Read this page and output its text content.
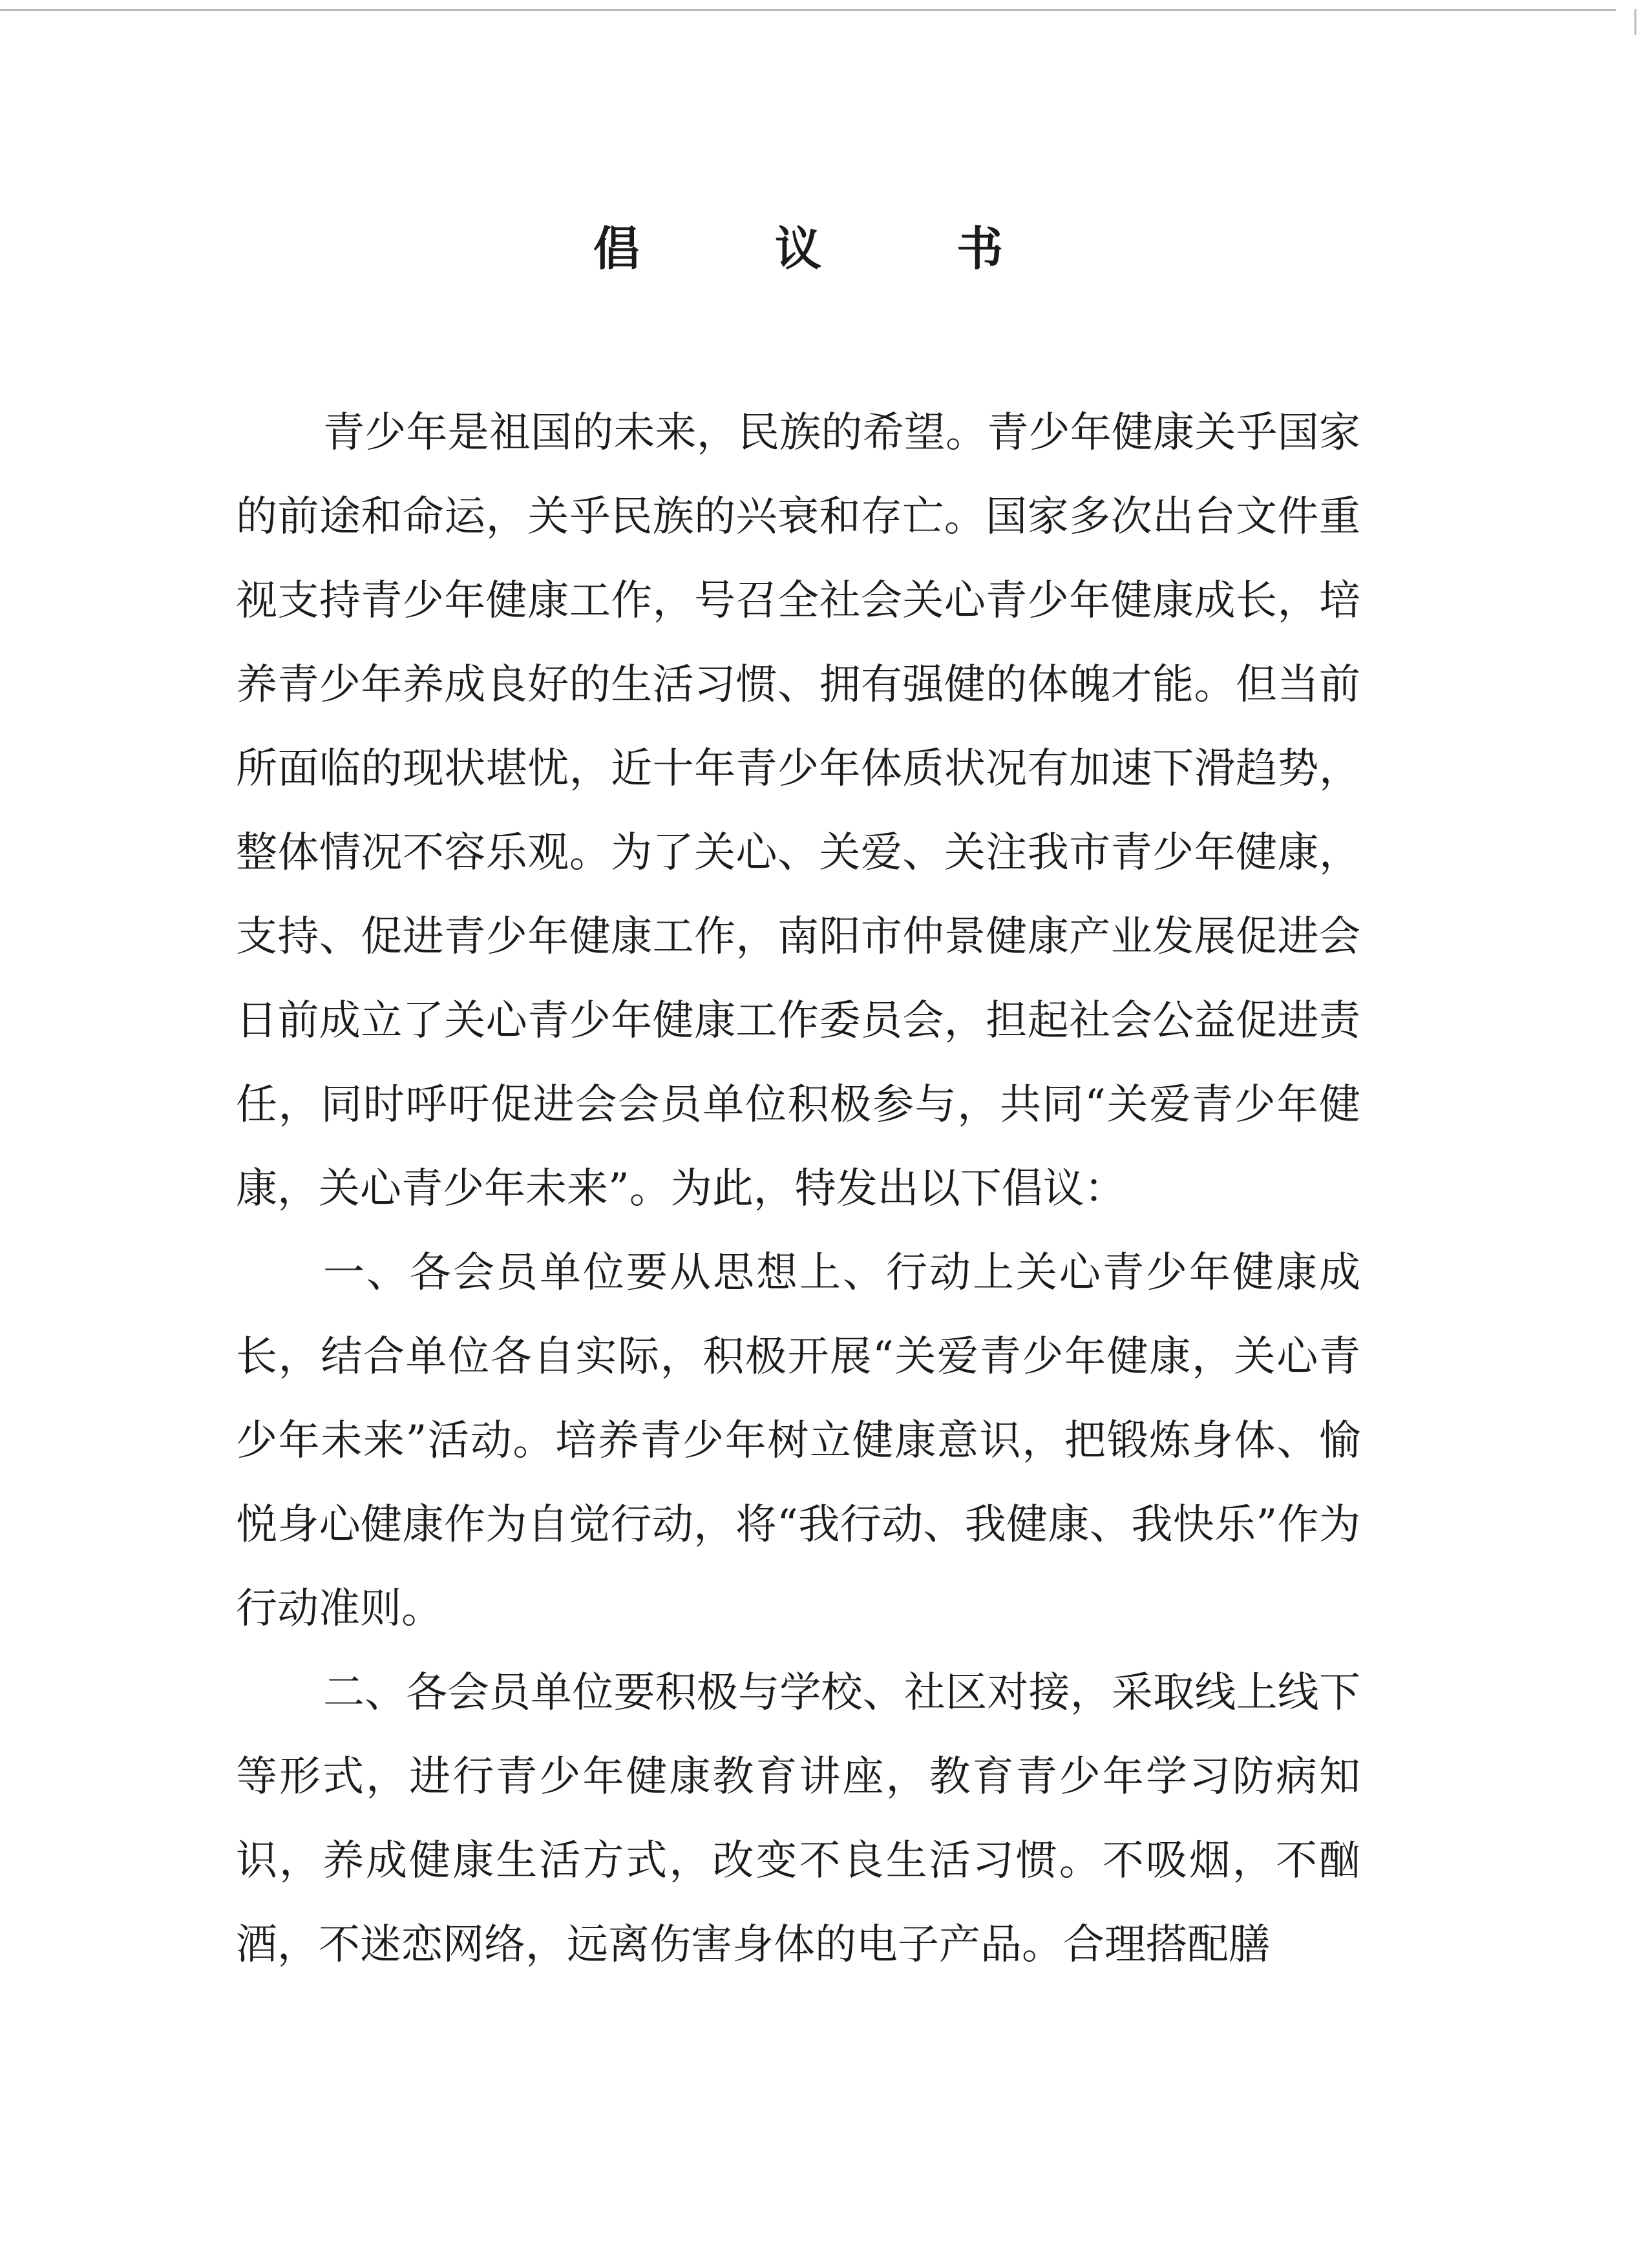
倡 议 书

青少年是祖国的未来，民族的希望。青少年健康关乎国家的前途和命运，关乎民族的兴衰和存亡。国家多次出台文件重视支持青少年健康工作，号召全社会关心青少年健康成长，培养青少年养成良好的生活习惯、拥有强健的体魄才能。但当前所面临的现状堪忧，近十年青少年体质状况有加速下滑趋势，整体情况不容乐观。为了关心、关爱、关注我市青少年健康，支持、促进青少年健康工作，南阳市仲景健康产业发展促进会日前成立了关心青少年健康工作委员会，担起社会公益促进责任，同时呼吁促进会会员单位积极参与，共同“关爱青少年健康，关心青少年未来”。为此，特发出以下倡议：

一、各会员单位要从思想上、行动上关心青少年健康成长，结合单位各自实际，积极开展“关爱青少年健康，关心青少年未来”活动。培养青少年树立健康意识，把锻炼身体、愉悦身心健康作为自觉行动，将“我行动、我健康、我快乐”作为行动准则。

二、各会员单位要积极与学校、社区对接，采取线上线下等形式，进行青少年健康教育讲座，教育青少年学习防病知识，养成健康生活方式，改变不良生活习惯。不吸烟，不酗酒，不迷恋网络，远离伤害身体的电子产品。合理搭配膳
